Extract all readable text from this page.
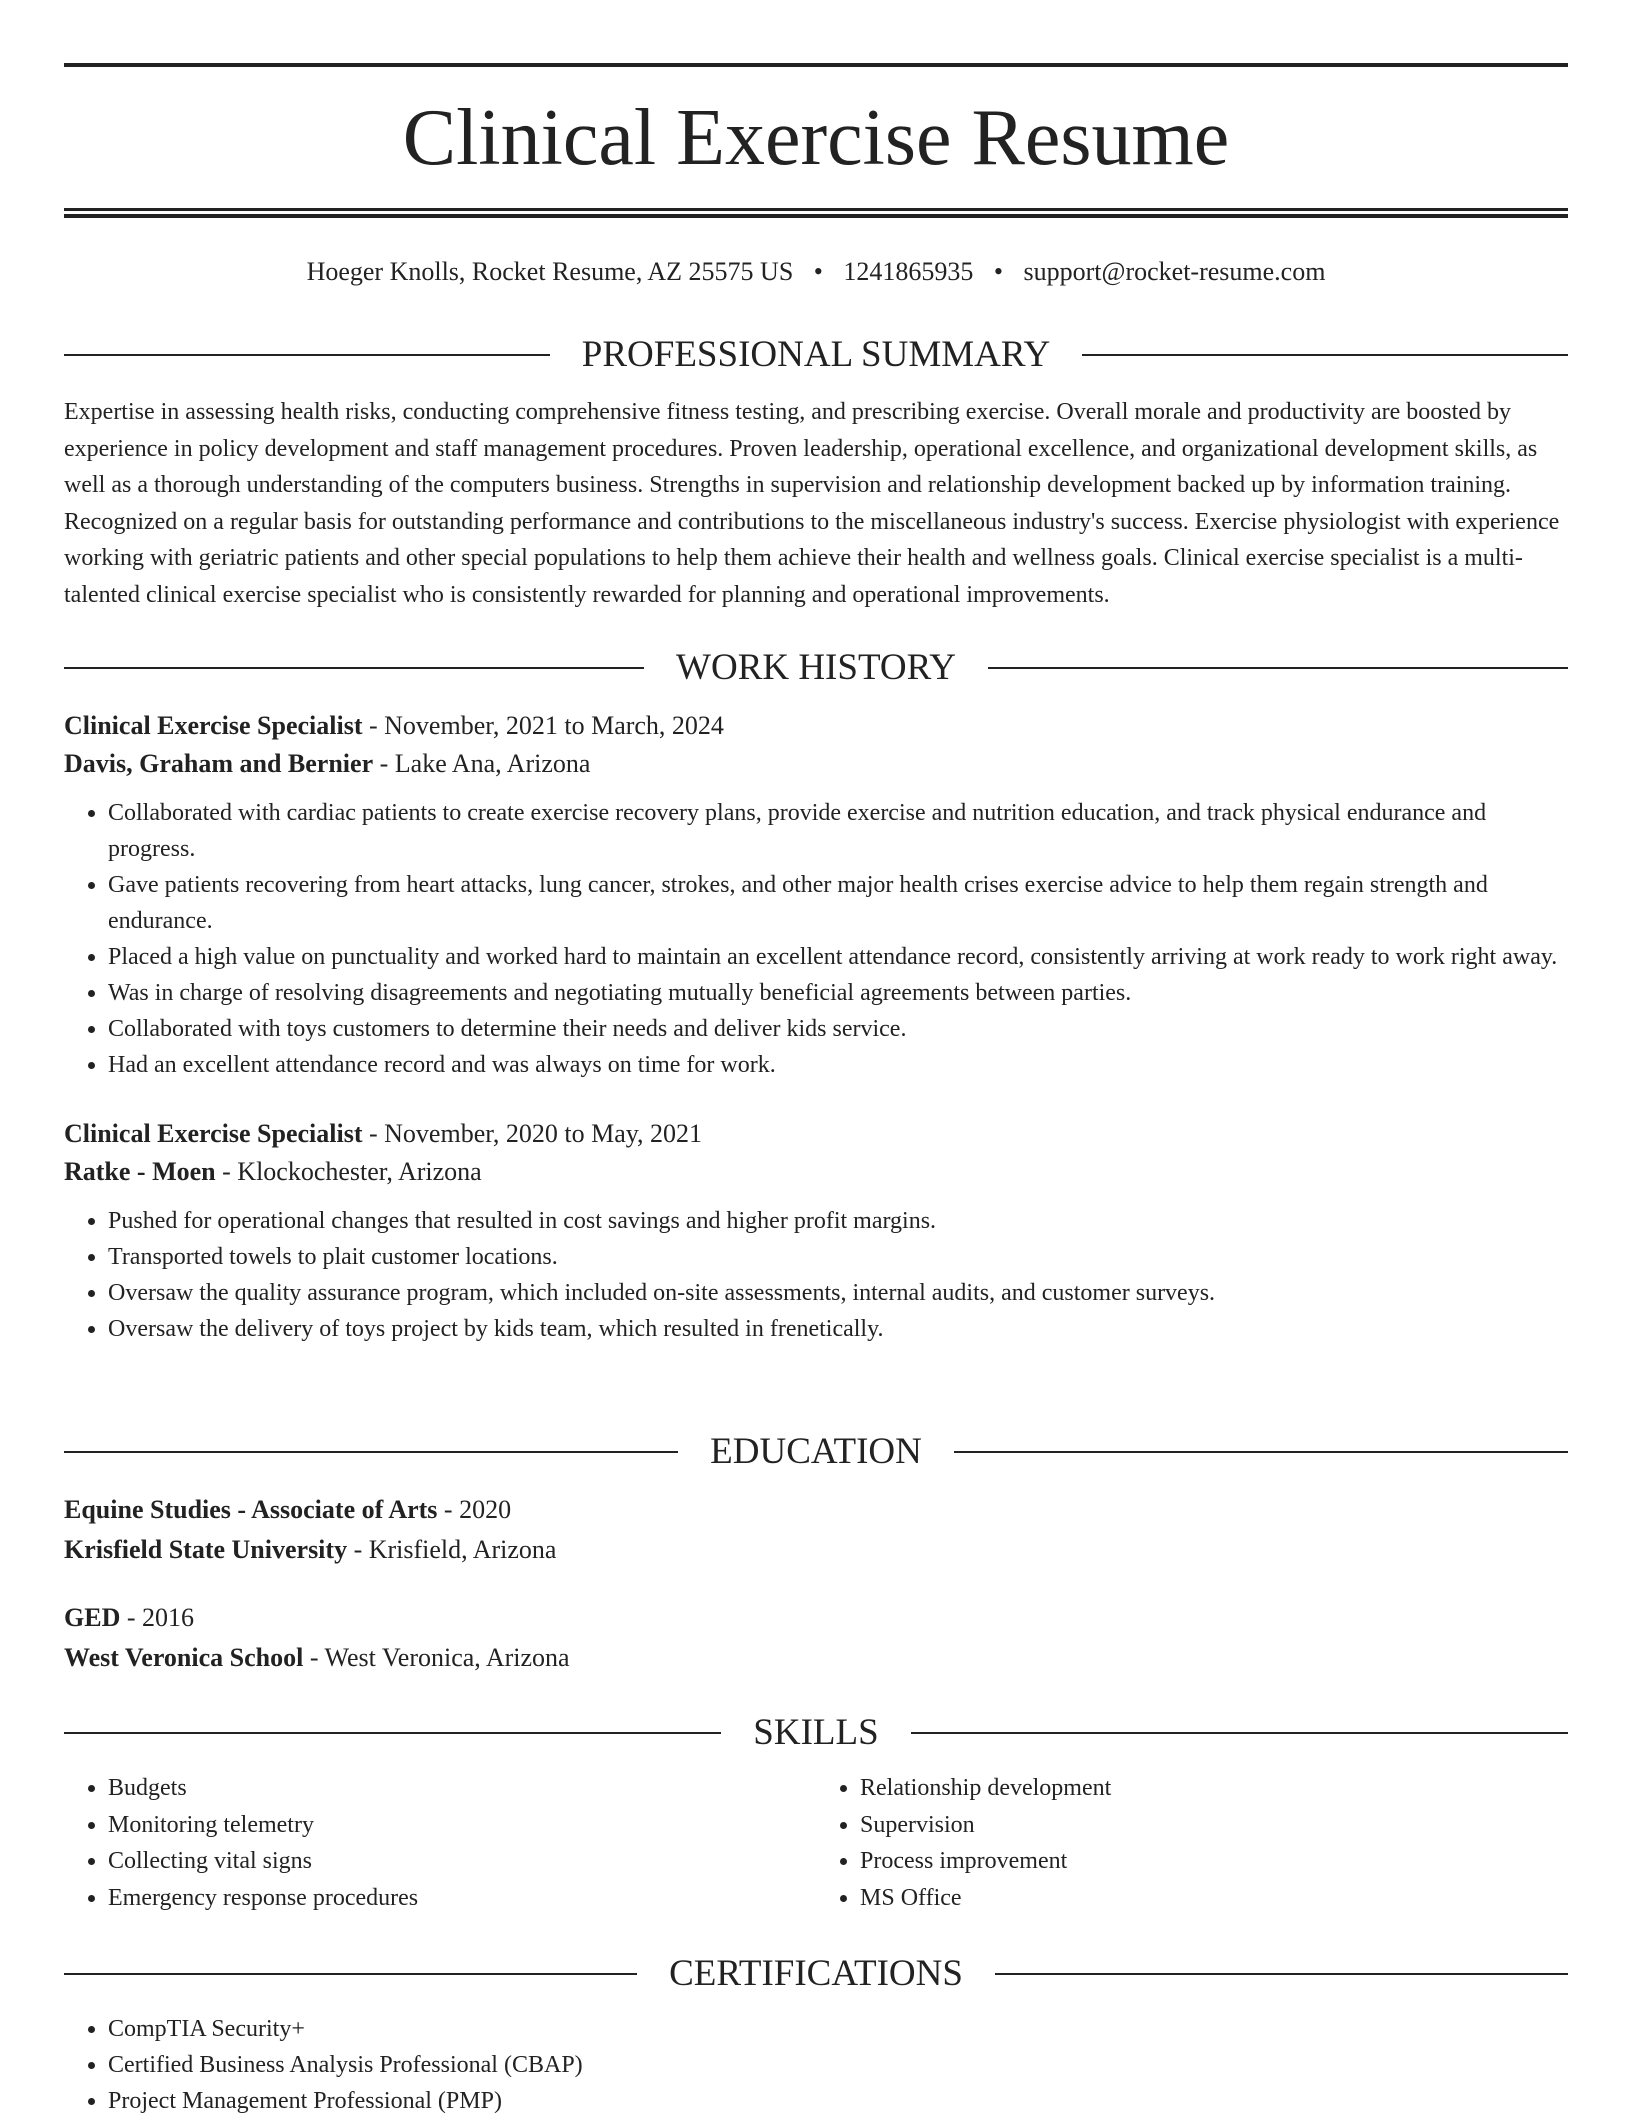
Clinical Exercise Resume
Hoeger Knolls, Rocket Resume, AZ 25575 US • 1241865935 • support@rocket-resume.com
PROFESSIONAL SUMMARY
Expertise in assessing health risks, conducting comprehensive fitness testing, and prescribing exercise. Overall morale and productivity are boosted by experience in policy development and staff management procedures. Proven leadership, operational excellence, and organizational development skills, as well as a thorough understanding of the computers business. Strengths in supervision and relationship development backed up by information training. Recognized on a regular basis for outstanding performance and contributions to the miscellaneous industry's success. Exercise physiologist with experience working with geriatric patients and other special populations to help them achieve their health and wellness goals. Clinical exercise specialist is a multi-talented clinical exercise specialist who is consistently rewarded for planning and operational improvements.
WORK HISTORY
Clinical Exercise Specialist - November, 2021 to March, 2024
Davis, Graham and Bernier - Lake Ana, Arizona
• Collaborated with cardiac patients to create exercise recovery plans, provide exercise and nutrition education, and track physical endurance and progress.
• Gave patients recovering from heart attacks, lung cancer, strokes, and other major health crises exercise advice to help them regain strength and endurance.
• Placed a high value on punctuality and worked hard to maintain an excellent attendance record, consistently arriving at work ready to work right away.
• Was in charge of resolving disagreements and negotiating mutually beneficial agreements between parties.
• Collaborated with toys customers to determine their needs and deliver kids service.
• Had an excellent attendance record and was always on time for work.
Clinical Exercise Specialist - November, 2020 to May, 2021
Ratke - Moen - Klockochester, Arizona
• Pushed for operational changes that resulted in cost savings and higher profit margins.
• Transported towels to plait customer locations.
• Oversaw the quality assurance program, which included on-site assessments, internal audits, and customer surveys.
• Oversaw the delivery of toys project by kids team, which resulted in frenetically.
EDUCATION
Equine Studies - Associate of Arts - 2020
Krisfield State University - Krisfield, Arizona
GED - 2016
West Veronica School - West Veronica, Arizona
SKILLS
• Budgets
• Monitoring telemetry
• Collecting vital signs
• Emergency response procedures
• Relationship development
• Supervision
• Process improvement
• MS Office
CERTIFICATIONS
• CompTIA Security+
• Certified Business Analysis Professional (CBAP)
• Project Management Professional (PMP)
